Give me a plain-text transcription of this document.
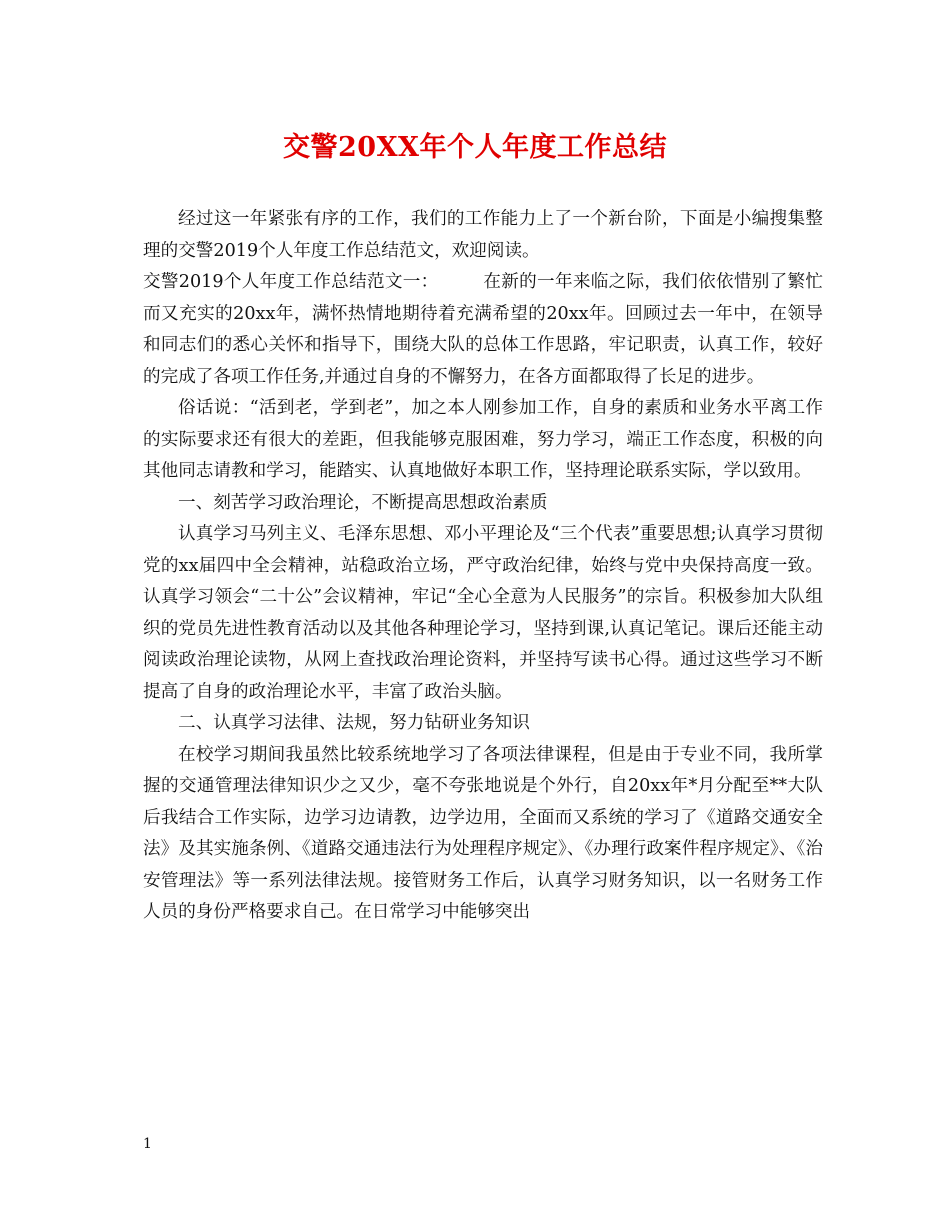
交警20XX年个人年度工作总结

经过这一年紧张有序的工作，我们的工作能力上了一个新台阶，下面是小编搜集整理的交警2019个人年度工作总结范文，欢迎阅读。

交警2019个人年度工作总结范文一：　　　在新的一年来临之际，我们依依惜别了繁忙而又充实的20xx年，满怀热情地期待着充满希望的20xx年。回顾过去一年中，在领导和同志们的悉心关怀和指导下，围绕大队的总体工作思路，牢记职责，认真工作，较好的完成了各项工作任务,并通过自身的不懈努力，在各方面都取得了长足的进步。

俗话说：“活到老，学到老”，加之本人刚参加工作，自身的素质和业务水平离工作的实际要求还有很大的差距，但我能够克服困难，努力学习，端正工作态度，积极的向其他同志请教和学习，能踏实、认真地做好本职工作，坚持理论联系实际，学以致用。

一、刻苦学习政治理论，不断提高思想政治素质

认真学习马列主义、毛泽东思想、邓小平理论及“三个代表”重要思想;认真学习贯彻党的xx届四中全会精神，站稳政治立场，严守政治纪律，始终与党中央保持高度一致。认真学习领会“二十公”会议精神，牢记“全心全意为人民服务”的宗旨。积极参加大队组织的党员先进性教育活动以及其他各种理论学习，坚持到课,认真记笔记。课后还能主动阅读政治理论读物，从网上查找政治理论资料，并坚持写读书心得。通过这些学习不断提高了自身的政治理论水平，丰富了政治头脑。

二、认真学习法律、法规，努力钻研业务知识

在校学习期间我虽然比较系统地学习了各项法律课程，但是由于专业不同，我所掌握的交通管理法律知识少之又少，毫不夸张地说是个外行，自20xx年*月分配至**大队后我结合工作实际，边学习边请教，边学边用，全面而又系统的学习了《道路交通安全法》及其实施条例、《道路交通违法行为处理程序规定》、《办理行政案件程序规定》、《治安管理法》等一系列法律法规。接管财务工作后，认真学习财务知识，以一名财务工作人员的身份严格要求自己。在日常学习中能够突出

1
